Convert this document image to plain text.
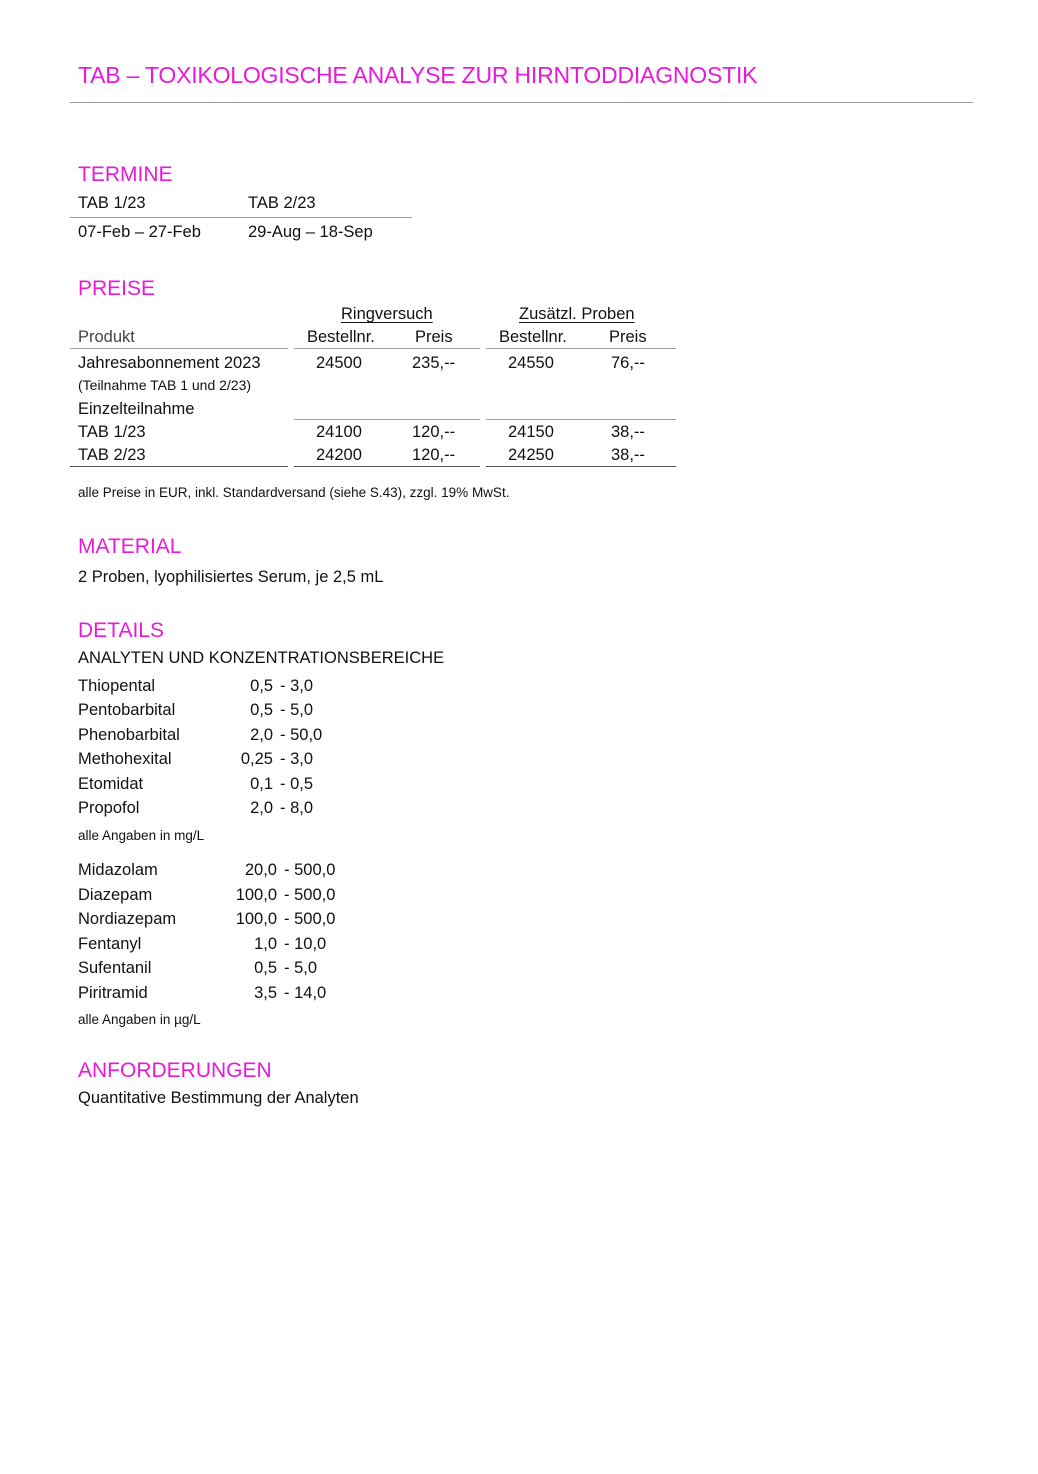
TAB – TOXIKOLOGISCHE ANALYSE ZUR HIRNTODDIAGNOSTIK
TERMINE
TAB 1/23	TAB 2/23
07-Feb – 27-Feb	29-Aug – 18-Sep
PREISE
Ringversuch	Zusätzl. Proben
Produkt	Bestellnr. Preis	Bestellnr.	Preis
Jahresabonnement 2023	24500	235,--	24550	76,--
(Teilnahme TAB 1 und 2/23)
Einzelteilnahme
TAB 1/23	24100	120,--	24150	38,--
TAB 2/23	24200	120,--	24250	38,--
alle Preise in EUR, inkl. Standardversand (siehe S.43), zzgl. 19% MwSt.
MATERIAL
2 Proben, lyophilisiertes Serum, je 2,5 mL
DETAILS
ANALYTEN UND KONZENTRATIONSBEREICHE
Thiopental	0,5 - 3,0
Pentobarbital	0,5 - 5,0
Phenobarbital	2,0 - 50,0
Methohexital	0,25 - 3,0
Etomidat	0,1 - 0,5
Propofol	2,0 - 8,0
alle Angaben in mg/L
Midazolam	20,0 - 500,0
Diazepam	100,0 - 500,0
Nordiazepam	100,0 - 500,0
Fentanyl	1,0 - 10,0
Sufentanil	0,5 - 5,0
Piritramid	3,5 - 14,0
alle Angaben in µg/L
ANFORDERUNGEN
Quantitative Bestimmung der Analyten
